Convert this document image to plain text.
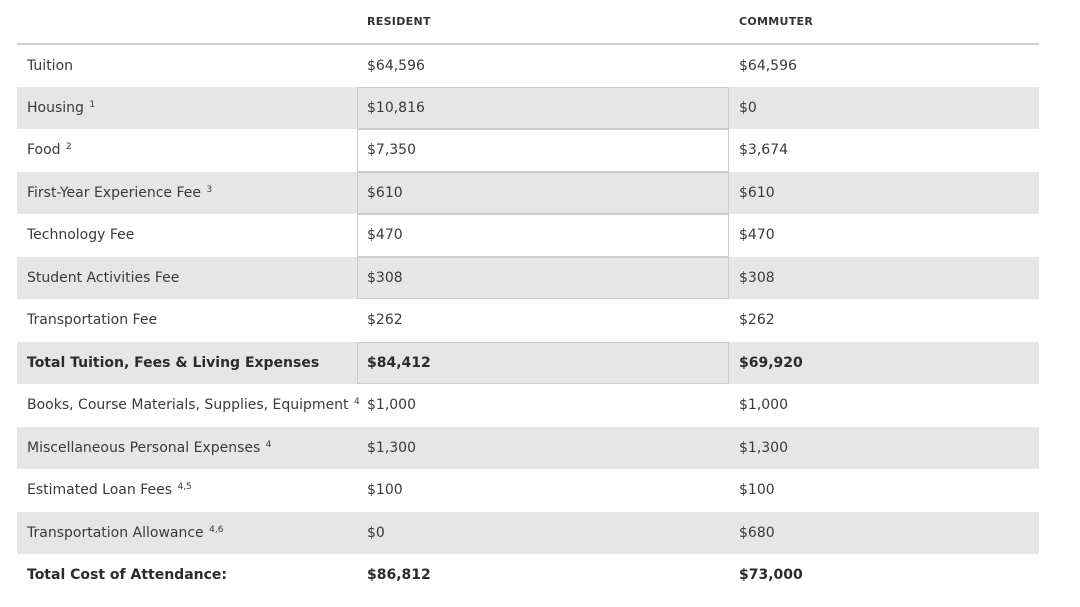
	RESIDENT	COMMUTER
Tuition	$64,596	$64,596
Housing $^1$	$10,816	$0
Food $^2$	$7,350	$3,674
First-Year Experience Fee $^3$	$610	$610
Technology Fee	$470	$470
Student Activities Fee	$308	$308
Transportation Fee	$262	$262
Total Tuition, Fees & Living Expenses	$84,412	$69,920
Books, Course Materials, Supplies, Equipment $^4$	$1,000	$1,000
Miscellaneous Personal Expenses $^4$	$1,300	$1,300
Estimated Loan Fees $^{4,5}$	$100	$100
Transportation Allowance $^{4,6}$	$0	$680
Total Cost of Attendance:	$86,812	$73,000
